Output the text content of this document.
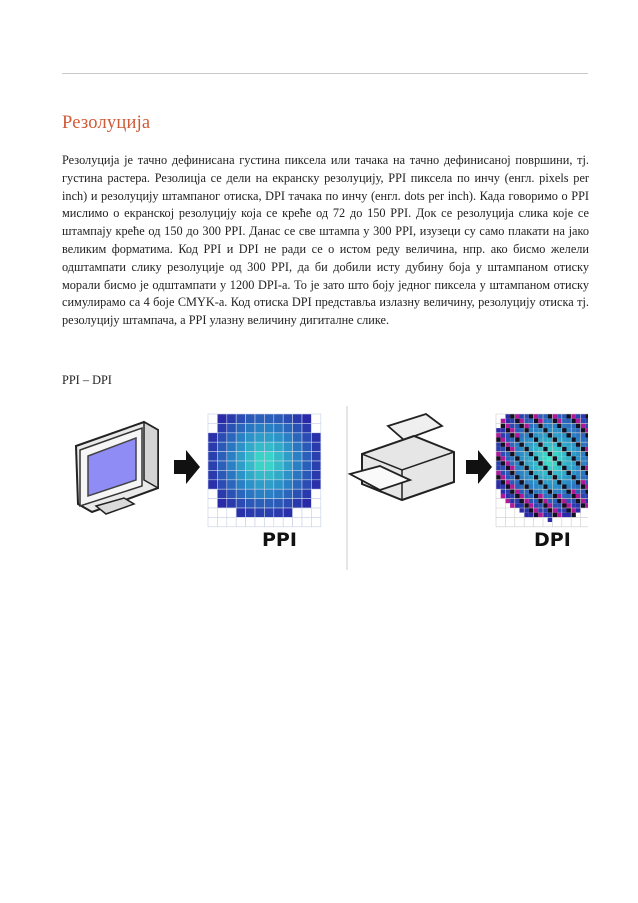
Резолуција

Резолуција је тачно дефинисана густина пиксела или тачака на тачно дефинисаној површини, тј. густина растера. Резолицја се дели на екранску резолуцију, PPI пиксела по инчу (енгл. pixels per inch) и резолуцију штампаног отиска, DPI тачака по инчу (енгл. dots per inch). Када говоримо о PPI мислимо о екранској резолуцију која се креће од 72 до 150 PPI. Док се резолуција слика које се штампају креће од 150 до 300 PPI. Данас се све штампа у 300 PPI, изузеци су само плакати на јако великим форматима. Код PPI и DPI не ради се о истом реду величина, нпр. ако бисмо желели одштампати слику резолуције од 300 PPI, да би добили исту дубину боја у штампаном отиску морали бисмо је одштампати у 1200 DPI-а. То је зато што боју једног пиксела у штампаном отиску симулирамо са 4 боје CMYK-а. Код отиска DPI представља излазну величину, резолуцију отиска тј. резолуцију штампача, а PPI улазну величину дигиталне слике.

PPI – DPI

PPI	DPI
